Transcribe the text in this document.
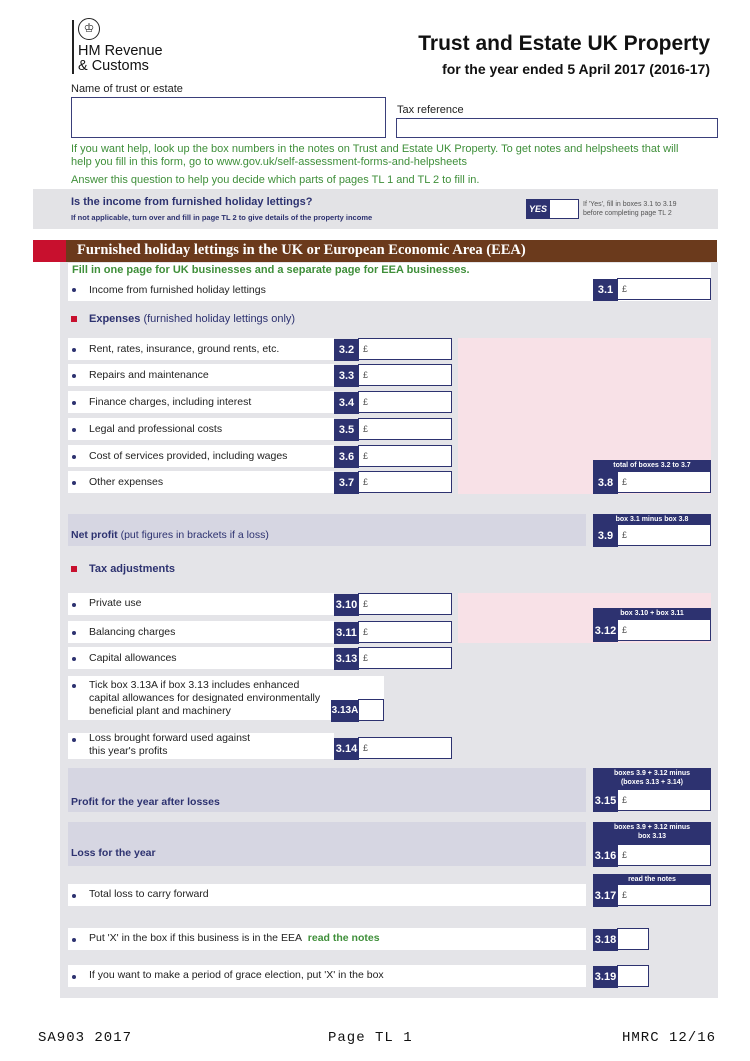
♔
HM Revenue
& Customs
Trust and Estate UK Property
for the year ended 5 April 2017 (2016-17)
Name of trust or estate
Tax reference
If you want help, look up the box numbers in the notes on Trust and Estate UK Property. To get notes and helpsheets that will
help you fill in this form, go to www.gov.uk/self-assessment-forms-and-helpsheets
Answer this question to help you decide which parts of pages TL 1 and TL 2 to fill in.
Is the income from furnished holiday lettings?
If not applicable, turn over and fill in page TL 2 to give details of the property income
YES	If 'Yes', fill in boxes 3.1 to 3.19
before completing page TL 2
Furnished holiday lettings in the UK or European Economic Area (EEA)
Fill in one page for UK businesses and a separate page for EEA businesses.
Income from furnished holiday lettings	3.1 £
Expenses (furnished holiday lettings only)
Rent, rates, insurance, ground rents, etc.	3.2 £
Repairs and maintenance	3.3 £
Finance charges, including interest	3.4 £
Legal and professional costs	3.5 £
Cost of services provided, including wages	3.6 £
Other expenses	3.7 £
total of boxes 3.2 to 3.7
3.8 £
Net profit (put figures in brackets if a loss)
box 3.1 minus box 3.8
3.9 £
Tax adjustments
Private use	3.10 £
Balancing charges	3.11 £
box 3.10 + box 3.11
3.12 £
Capital allowances	3.13 £
Tick box 3.13A if box 3.13 includes enhanced
capital allowances for designated environmentally
beneficial plant and machinery	3.13A
Loss brought forward used against
this year's profits	3.14 £
Profit for the year after losses
boxes 3.9 + 3.12 minus
(boxes 3.13 + 3.14)
3.15 £
Loss for the year
boxes 3.9 + 3.12 minus
box 3.13
3.16 £
Total loss to carry forward
read the notes
3.17 £
Put 'X' in the box if this business is in the EEA read the notes	3.18
If you want to make a period of grace election, put 'X' in the box	3.19
SA903 2017	Page TL 1	HMRC 12/16
